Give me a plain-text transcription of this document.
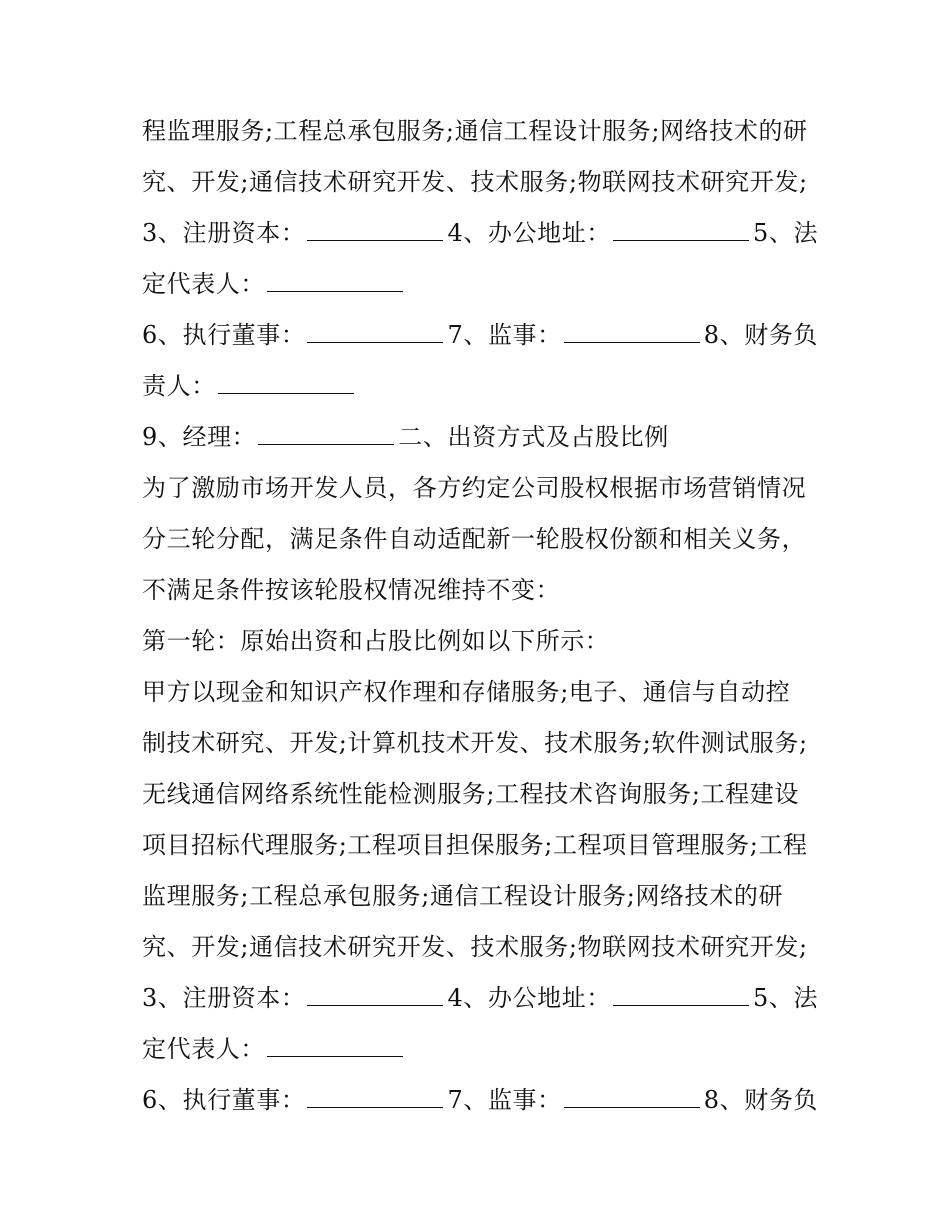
程监理服务;工程总承包服务;通信工程设计服务;网络技术的研
究、开发;通信技术研究开发、技术服务;物联网技术研究开发;
3、注册资本：	4、办公地址：	5、法
定代表人：
6、执行董事：	7、监事：	8、财务负
责人：
9、经理：	二、出资方式及占股比例
为了激励市场开发人员，各方约定公司股权根据市场营销情况
分三轮分配，满足条件自动适配新一轮股权份额和相关义务，
不满足条件按该轮股权情况维持不变：
第一轮：原始出资和占股比例如以下所示：
甲方以现金和知识产权作理和存储服务;电子、通信与自动控
制技术研究、开发;计算机技术开发、技术服务;软件测试服务;
无线通信网络系统性能检测服务;工程技术咨询服务;工程建设
项目招标代理服务;工程项目担保服务;工程项目管理服务;工程
监理服务;工程总承包服务;通信工程设计服务;网络技术的研
究、开发;通信技术研究开发、技术服务;物联网技术研究开发;
3、注册资本：	4、办公地址：	5、法
定代表人：
6、执行董事：	7、监事：	8、财务负
